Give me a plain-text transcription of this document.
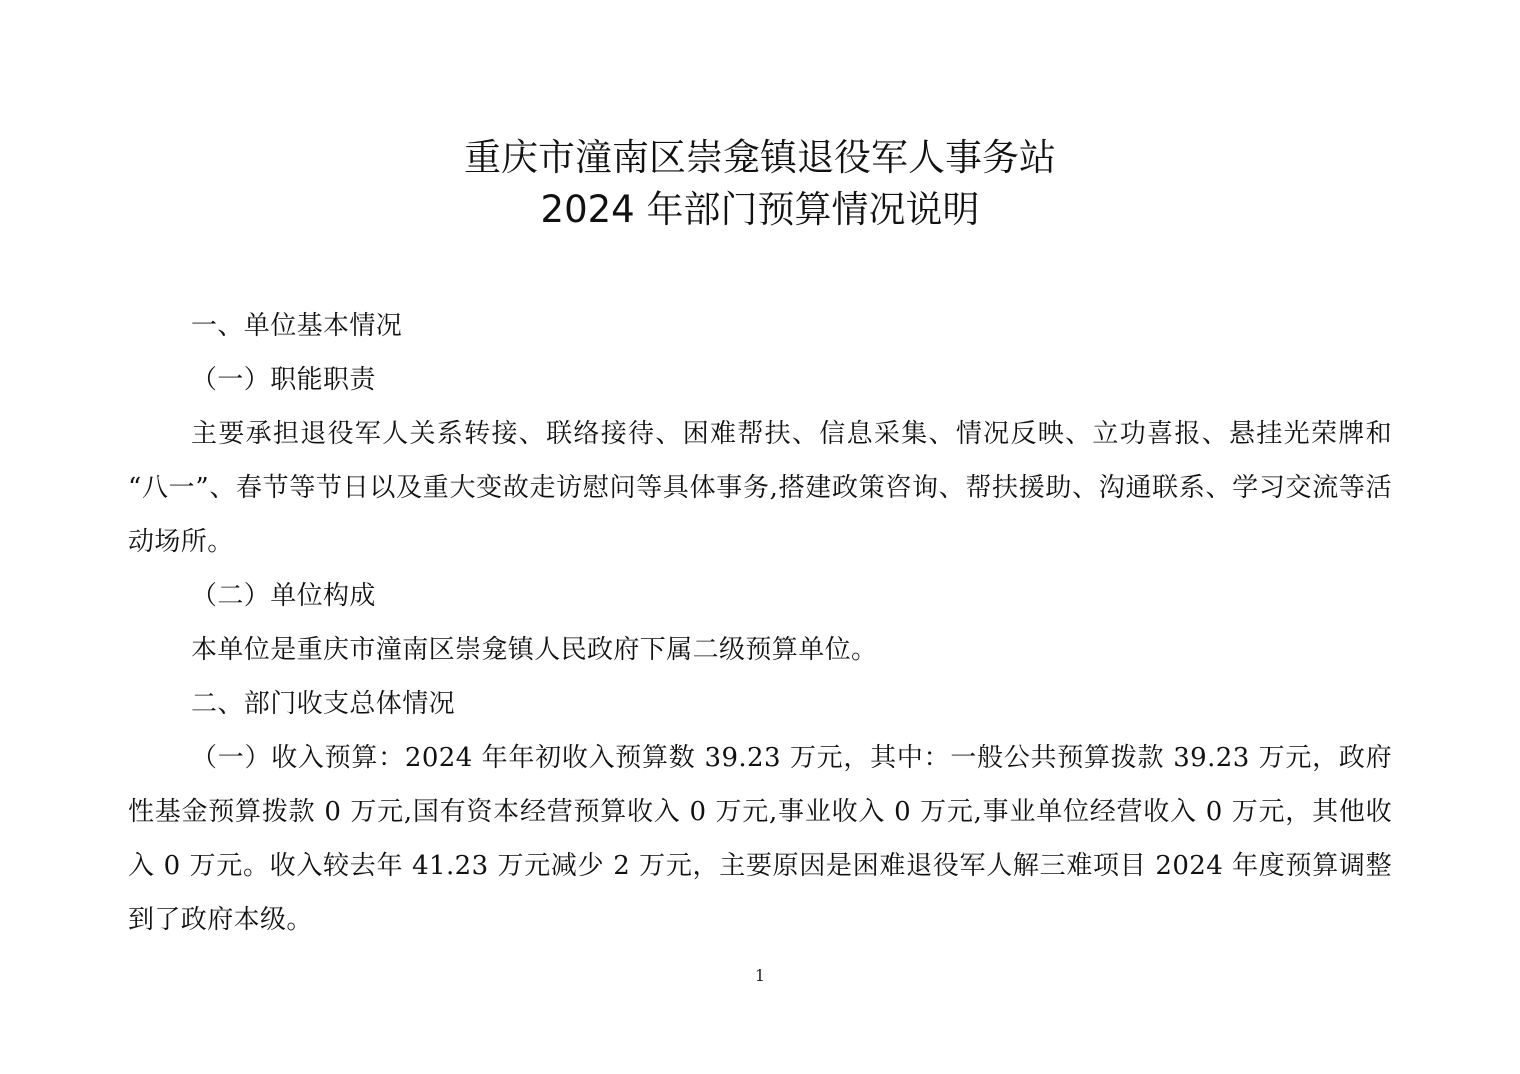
重庆市潼南区崇龛镇退役军人事务站
2024 年部门预算情况说明

一、单位基本情况

（一）职能职责

主要承担退役军人关系转接、联络接待、困难帮扶、信息采集、情况反映、立功喜报、悬挂光荣牌和 “八一”、春节等节日以及重大变故走访慰问等具体事务,搭建政策咨询、帮扶援助、沟通联系、学习交流等活动场所。

（二）单位构成

本单位是重庆市潼南区崇龛镇人民政府下属二级预算单位。

二、部门收支总体情况

（一）收入预算：2024 年年初收入预算数 39.23 万元，其中：一般公共预算拨款 39.23 万元，政府性基金预算拨款 0 万元,国有资本经营预算收入 0 万元,事业收入 0 万元,事业单位经营收入 0 万元，其他收入 0 万元。收入较去年 41.23 万元减少 2 万元，主要原因是困难退役军人解三难项目 2024 年度预算调整到了政府本级。

1
